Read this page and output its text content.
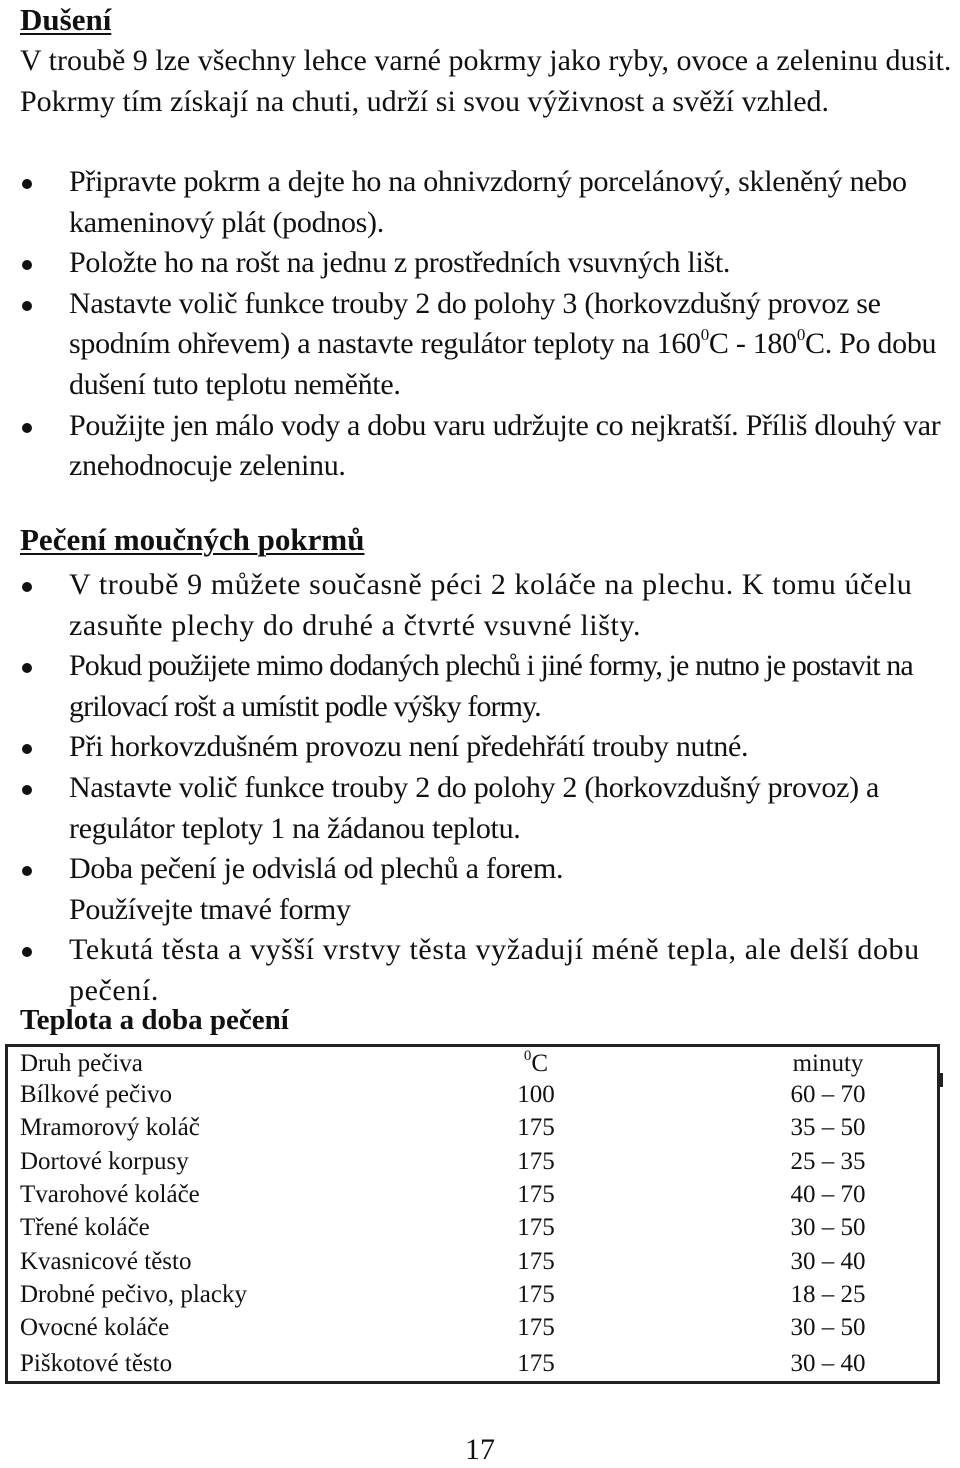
Dušení

V troubě 9 lze všechny lehce varné pokrmy jako ryby, ovoce a zeleninu dusit.

Pokrmy tím získají na chuti, udrží si svou výživnost a svěží vzhled.

Připravte pokrm a dejte ho na ohnivzdorný porcelánový, skleněný nebo kameninový plát (podnos).
Položte ho na rošt na jednu z prostředních vsuvných lišt.
Nastavte volič funkce trouby 2 do polohy 3 (horkovzdušný provoz se spodním ohřevem) a nastavte regulátor teploty na $160^0C - 180^0C$. Po dobu dušení tuto teplotu neměňte.
Použijte jen málo vody a dobu varu udržujte co nejkratší. Příliš dlouhý var znehodnocuje zeleninu.
Pečení moučných pokrmů
V troubě 9 můžete současně péci 2 koláče na plechu. K tomu účelu zasuňte plechy do druhé a čtvrté vsuvné lišty.
Pokud použijete mimo dodaných plechů i jiné formy, je nutno je postavit na grilovací rošt a umístit podle výšky formy.
Při horkovzdušném provozu není předehřátí trouby nutné.
Nastavte volič funkce trouby 2 do polohy 2 (horkovzdušný provoz) a regulátor teploty 1 na žádanou teplotu.
Doba pečení je odvislá od plechů a forem.
Používejte tmavé formy
Tekutá těsta a vyšší vrstvy těsta vyžadují méně tepla, ale delší dobu pečení.
Teplota a doba pečení
Druh pečiva	$^0$C	minuty
Bílkové pečivo	100	60 – 70
Mramorový koláč	175	35 – 50
Dortové korpusy	175	25 – 35
Tvarohové koláče	175	40 – 70
Třené koláče	175	30 – 50
Kvasnicové těsto	175	30 – 40
Drobné pečivo, placky	175	18 – 25
Ovocné koláče	175	30 – 50
Piškotové těsto	175	30 – 40
17
